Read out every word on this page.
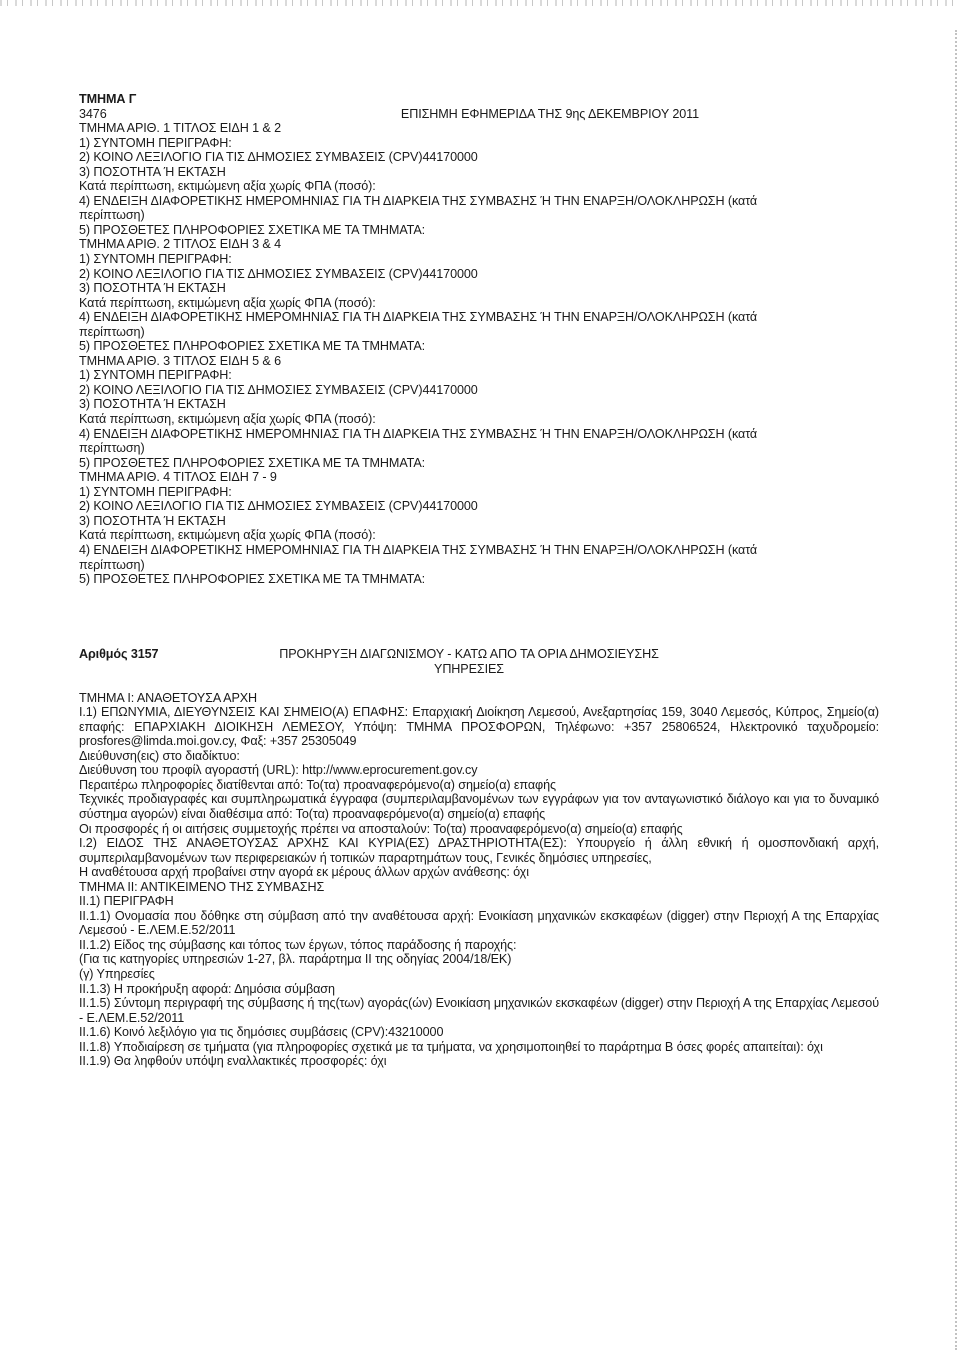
ΤΜΗΜΑ Γ
3476	ΕΠΙΣΗΜΗ ΕΦΗΜΕΡΙΔΑ ΤΗΣ 9ης ΔΕΚΕΜΒΡΙΟΥ 2011
ΤΜΗΜΑ ΑΡΙΘ. 1 ΤΙΤΛΟΣ ΕΙΔΗ 1 & 2
1) ΣΥΝΤΟΜΗ ΠΕΡΙΓΡΑΦΗ:
2) ΚΟΙΝΟ ΛΕΞΙΛΟΓΙΟ ΓΙΑ ΤΙΣ ΔΗΜΟΣΙΕΣ ΣΥΜΒΑΣΕΙΣ (CPV)44170000
3) ΠΟΣΟΤΗΤΑ Ή ΕΚΤΑΣΗ
Κατά περίπτωση, εκτιμώμενη αξία χωρίς ΦΠΑ (ποσό):
4) ΕΝΔΕΙΞΗ ΔΙΑΦΟΡΕΤΙΚΗΣ ΗΜΕΡΟΜΗΝΙΑΣ ΓΙΑ ΤΗ ΔΙΑΡΚΕΙΑ ΤΗΣ ΣΥΜΒΑΣΗΣ Ή ΤΗΝ ΕΝΑΡΞΗ/ΟΛΟΚΛΗΡΩΣΗ (κατά
περίπτωση)
5) ΠΡΟΣΘΕΤΕΣ ΠΛΗΡΟΦΟΡΙΕΣ ΣΧΕΤΙΚΑ ΜΕ ΤΑ ΤΜΗΜΑΤΑ:
ΤΜΗΜΑ ΑΡΙΘ. 2 ΤΙΤΛΟΣ ΕΙΔΗ 3 & 4
1) ΣΥΝΤΟΜΗ ΠΕΡΙΓΡΑΦΗ:
2) ΚΟΙΝΟ ΛΕΞΙΛΟΓΙΟ ΓΙΑ ΤΙΣ ΔΗΜΟΣΙΕΣ ΣΥΜΒΑΣΕΙΣ (CPV)44170000
3) ΠΟΣΟΤΗΤΑ Ή ΕΚΤΑΣΗ
Κατά περίπτωση, εκτιμώμενη αξία χωρίς ΦΠΑ (ποσό):
4) ΕΝΔΕΙΞΗ ΔΙΑΦΟΡΕΤΙΚΗΣ ΗΜΕΡΟΜΗΝΙΑΣ ΓΙΑ ΤΗ ΔΙΑΡΚΕΙΑ ΤΗΣ ΣΥΜΒΑΣΗΣ Ή ΤΗΝ ΕΝΑΡΞΗ/ΟΛΟΚΛΗΡΩΣΗ (κατά
περίπτωση)
5) ΠΡΟΣΘΕΤΕΣ ΠΛΗΡΟΦΟΡΙΕΣ ΣΧΕΤΙΚΑ ΜΕ ΤΑ ΤΜΗΜΑΤΑ:
ΤΜΗΜΑ ΑΡΙΘ. 3 ΤΙΤΛΟΣ ΕΙΔΗ 5 & 6
1) ΣΥΝΤΟΜΗ ΠΕΡΙΓΡΑΦΗ:
2) ΚΟΙΝΟ ΛΕΞΙΛΟΓΙΟ ΓΙΑ ΤΙΣ ΔΗΜΟΣΙΕΣ ΣΥΜΒΑΣΕΙΣ (CPV)44170000
3) ΠΟΣΟΤΗΤΑ Ή ΕΚΤΑΣΗ
Κατά περίπτωση, εκτιμώμενη αξία χωρίς ΦΠΑ (ποσό):
4) ΕΝΔΕΙΞΗ ΔΙΑΦΟΡΕΤΙΚΗΣ ΗΜΕΡΟΜΗΝΙΑΣ ΓΙΑ ΤΗ ΔΙΑΡΚΕΙΑ ΤΗΣ ΣΥΜΒΑΣΗΣ Ή ΤΗΝ ΕΝΑΡΞΗ/ΟΛΟΚΛΗΡΩΣΗ (κατά
περίπτωση)
5) ΠΡΟΣΘΕΤΕΣ ΠΛΗΡΟΦΟΡΙΕΣ ΣΧΕΤΙΚΑ ΜΕ ΤΑ ΤΜΗΜΑΤΑ:
ΤΜΗΜΑ ΑΡΙΘ. 4 ΤΙΤΛΟΣ ΕΙΔΗ 7 - 9
1) ΣΥΝΤΟΜΗ ΠΕΡΙΓΡΑΦΗ:
2) ΚΟΙΝΟ ΛΕΞΙΛΟΓΙΟ ΓΙΑ ΤΙΣ ΔΗΜΟΣΙΕΣ ΣΥΜΒΑΣΕΙΣ (CPV)44170000
3) ΠΟΣΟΤΗΤΑ Ή ΕΚΤΑΣΗ
Κατά περίπτωση, εκτιμώμενη αξία χωρίς ΦΠΑ (ποσό):
4) ΕΝΔΕΙΞΗ ΔΙΑΦΟΡΕΤΙΚΗΣ ΗΜΕΡΟΜΗΝΙΑΣ ΓΙΑ ΤΗ ΔΙΑΡΚΕΙΑ ΤΗΣ ΣΥΜΒΑΣΗΣ Ή ΤΗΝ ΕΝΑΡΞΗ/ΟΛΟΚΛΗΡΩΣΗ (κατά
περίπτωση)
5) ΠΡΟΣΘΕΤΕΣ ΠΛΗΡΟΦΟΡΙΕΣ ΣΧΕΤΙΚΑ ΜΕ ΤΑ ΤΜΗΜΑΤΑ:
Αριθμός 3157	ΠΡΟΚΗΡΥΞΗ ΔΙΑΓΩΝΙΣΜΟΥ - ΚΑΤΩ ΑΠΟ ΤΑ ΟΡΙΑ ΔΗΜΟΣΙΕΥΣΗΣ
ΥΠΗΡΕΣΙΕΣ
ΤΜΗΜΑ Ι: ΑΝΑΘΕΤΟΥΣΑ ΑΡΧΗ
I.1) ΕΠΩΝΥΜΙΑ, ΔΙΕΥΘΥΝΣΕΙΣ ΚΑΙ ΣΗΜΕΙΟ(Α) ΕΠΑΦΗΣ: Επαρχιακή Διοίκηση Λεμεσού, Ανεξαρτησίας 159, 3040 Λεμεσός, Κύπρος, Σημείο(α) επαφής: ΕΠΑΡΧΙΑΚΗ ΔΙΟΙΚΗΣΗ ΛΕΜΕΣΟΥ, Υπόψη: ΤΜΗΜΑ ΠΡΟΣΦΟΡΩΝ, Τηλέφωνο: +357 25806524, Ηλεκτρονικό ταχυδρομείο: prosfores@limda.moi.gov.cy, Φαξ: +357 25305049
Διεύθυνση(εις) στο διαδίκτυο:
Διεύθυνση του προφίλ αγοραστή (URL): http://www.eprocurement.gov.cy
Περαιτέρω πληροφορίες διατίθενται από: Το(τα) προαναφερόμενο(α) σημείο(α) επαφής
Τεχνικές προδιαγραφές και συμπληρωματικά έγγραφα (συμπεριλαμβανομένων των εγγράφων για τον ανταγωνιστικό διάλογο και για το δυναμικό σύστημα αγορών) είναι διαθέσιμα από: Το(τα) προαναφερόμενο(α) σημείο(α) επαφής
Οι προσφορές ή οι αιτήσεις συμμετοχής πρέπει να αποσταλούν: Το(τα) προαναφερόμενο(α) σημείο(α) επαφής
I.2) ΕΙΔΟΣ ΤΗΣ ΑΝΑΘΕΤΟΥΣΑΣ ΑΡΧΗΣ ΚΑΙ ΚΥΡΙΑ(ΕΣ) ΔΡΑΣΤΗΡΙΟΤΗΤΑ(ΕΣ): Υπουργείο ή άλλη εθνική ή ομοσπονδιακή αρχή, συμπεριλαμβανομένων των περιφερειακών ή τοπικών παραρτημάτων τους, Γενικές δημόσιες υπηρεσίες,
Η αναθέτουσα αρχή προβαίνει στην αγορά εκ μέρους άλλων αρχών ανάθεσης: όχι
ΤΜΗΜΑ ΙΙ: ΑΝΤΙΚΕΙΜΕΝΟ ΤΗΣ ΣΥΜΒΑΣΗΣ
II.1) ΠΕΡΙΓΡΑΦΗ
II.1.1) Ονομασία που δόθηκε στη σύμβαση από την αναθέτουσα αρχή: Ενοικίαση μηχανικών εκσκαφέων (digger) στην Περιοχή Α της Επαρχίας Λεμεσού - Ε.ΛΕΜ.Ε.52/2011
II.1.2) Είδος της σύμβασης και τόπος των έργων, τόπος παράδοσης ή παροχής:
(Για τις κατηγορίες υπηρεσιών 1-27, βλ. παράρτημα II της οδηγίας 2004/18/ΕΚ)
(γ) Υπηρεσίες
II.1.3) Η προκήρυξη αφορά: Δημόσια σύμβαση
II.1.5) Σύντομη περιγραφή της σύμβασης ή της(των) αγοράς(ών) Ενοικίαση μηχανικών εκσκαφέων (digger) στην Περιοχή Α της Επαρχίας Λεμεσού - Ε.ΛΕΜ.Ε.52/2011
II.1.6) Κοινό λεξιλόγιο για τις δημόσιες συμβάσεις (CPV):43210000
II.1.8) Υποδιαίρεση σε τμήματα (για πληροφορίες σχετικά με τα τμήματα, να χρησιμοποιηθεί το παράρτημα Β όσες φορές απαιτείται): όχι
II.1.9) Θα ληφθούν υπόψη εναλλακτικές προσφορές: όχι
